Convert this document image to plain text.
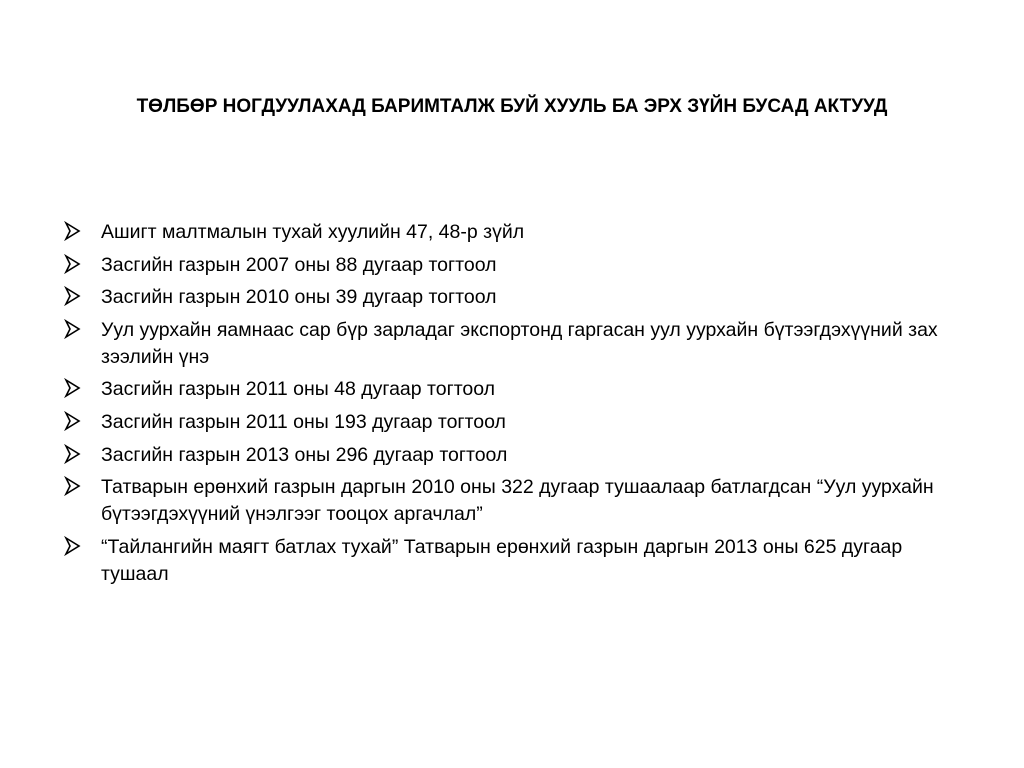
ТӨЛБӨР НОГДУУЛАХАД БАРИМТАЛЖ БУЙ ХУУЛЬ БА ЭРХ ЗҮЙН БУСАД АКТУУД
Ашигт малтмалын тухай хуулийн 47, 48-р зүйл
Засгийн газрын 2007 оны 88 дугаар тогтоол
Засгийн газрын 2010 оны 39 дугаар тогтоол
Уул уурхайн яамнаас сар бүр зарладаг экспортонд гаргасан уул уурхайн бүтээгдэхүүний зах зээлийн үнэ
Засгийн газрын 2011 оны 48 дугаар тогтоол
Засгийн газрын 2011 оны 193 дугаар тогтоол
Засгийн газрын 2013 оны 296 дугаар тогтоол
Татварын ерөнхий газрын даргын 2010 оны 322 дугаар тушаалаар батлагдсан “Уул уурхайн бүтээгдэхүүний үнэлгээг тооцох аргачлал”
“Тайлангийн маягт батлах тухай” Татварын ерөнхий газрын даргын 2013 оны 625 дугаар тушаал
